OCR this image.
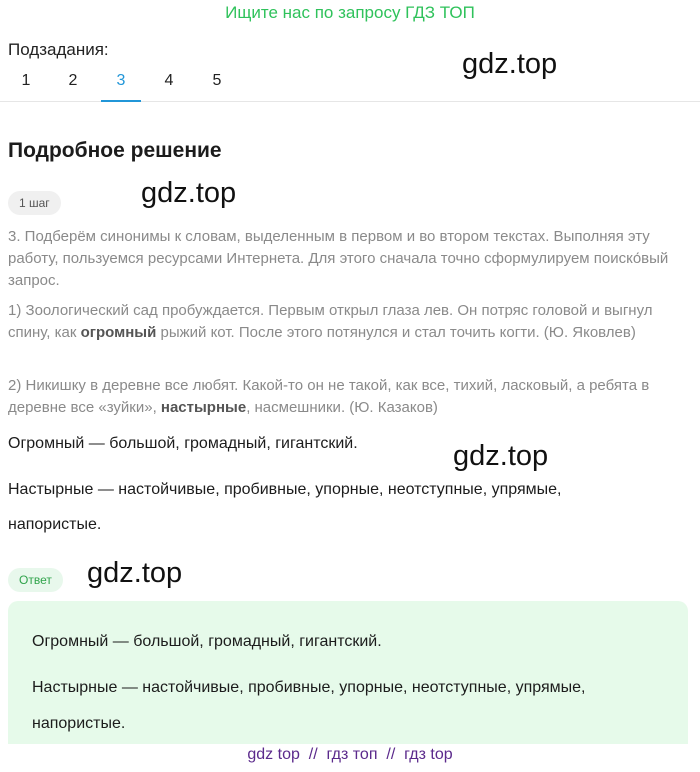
Ищите нас по запросу ГДЗ ТОП
Подзадания:
1	2	3	4	5
gdz.top
Подробное решение
1 шаг	gdz.top
3. Подберём синонимы к словам, выделенным в первом и во втором текстах. Выполняя эту работу, пользуемся ресурсами Интернета. Для этого сначала точно сформулируем поиско́вый запрос.
1) Зоологический сад пробуждается. Первым открыл глаза лев. Он потряс головой и выгнул спину, как огромный рыжий кот. После этого потянулся и стал точить когти. (Ю. Яковлев)
2) Никишку в деревне все любят. Какой-то он не такой, как все, тихий, ласковый, а ребята в деревне все «зуйки», настырные, насмешники. (Ю. Казаков)
Огромный — большой, громадный, гигантский.	gdz.top
Настырные — настойчивые, пробивные, упорные, неотступные, упрямые,
напористые.
Ответ	gdz.top
Огромный — большой, громадный, гигантский.
Настырные — настойчивые, пробивные, упорные, неотступные, упрямые,
напористые.
gdz top  //  гдз топ  //  гдз top
